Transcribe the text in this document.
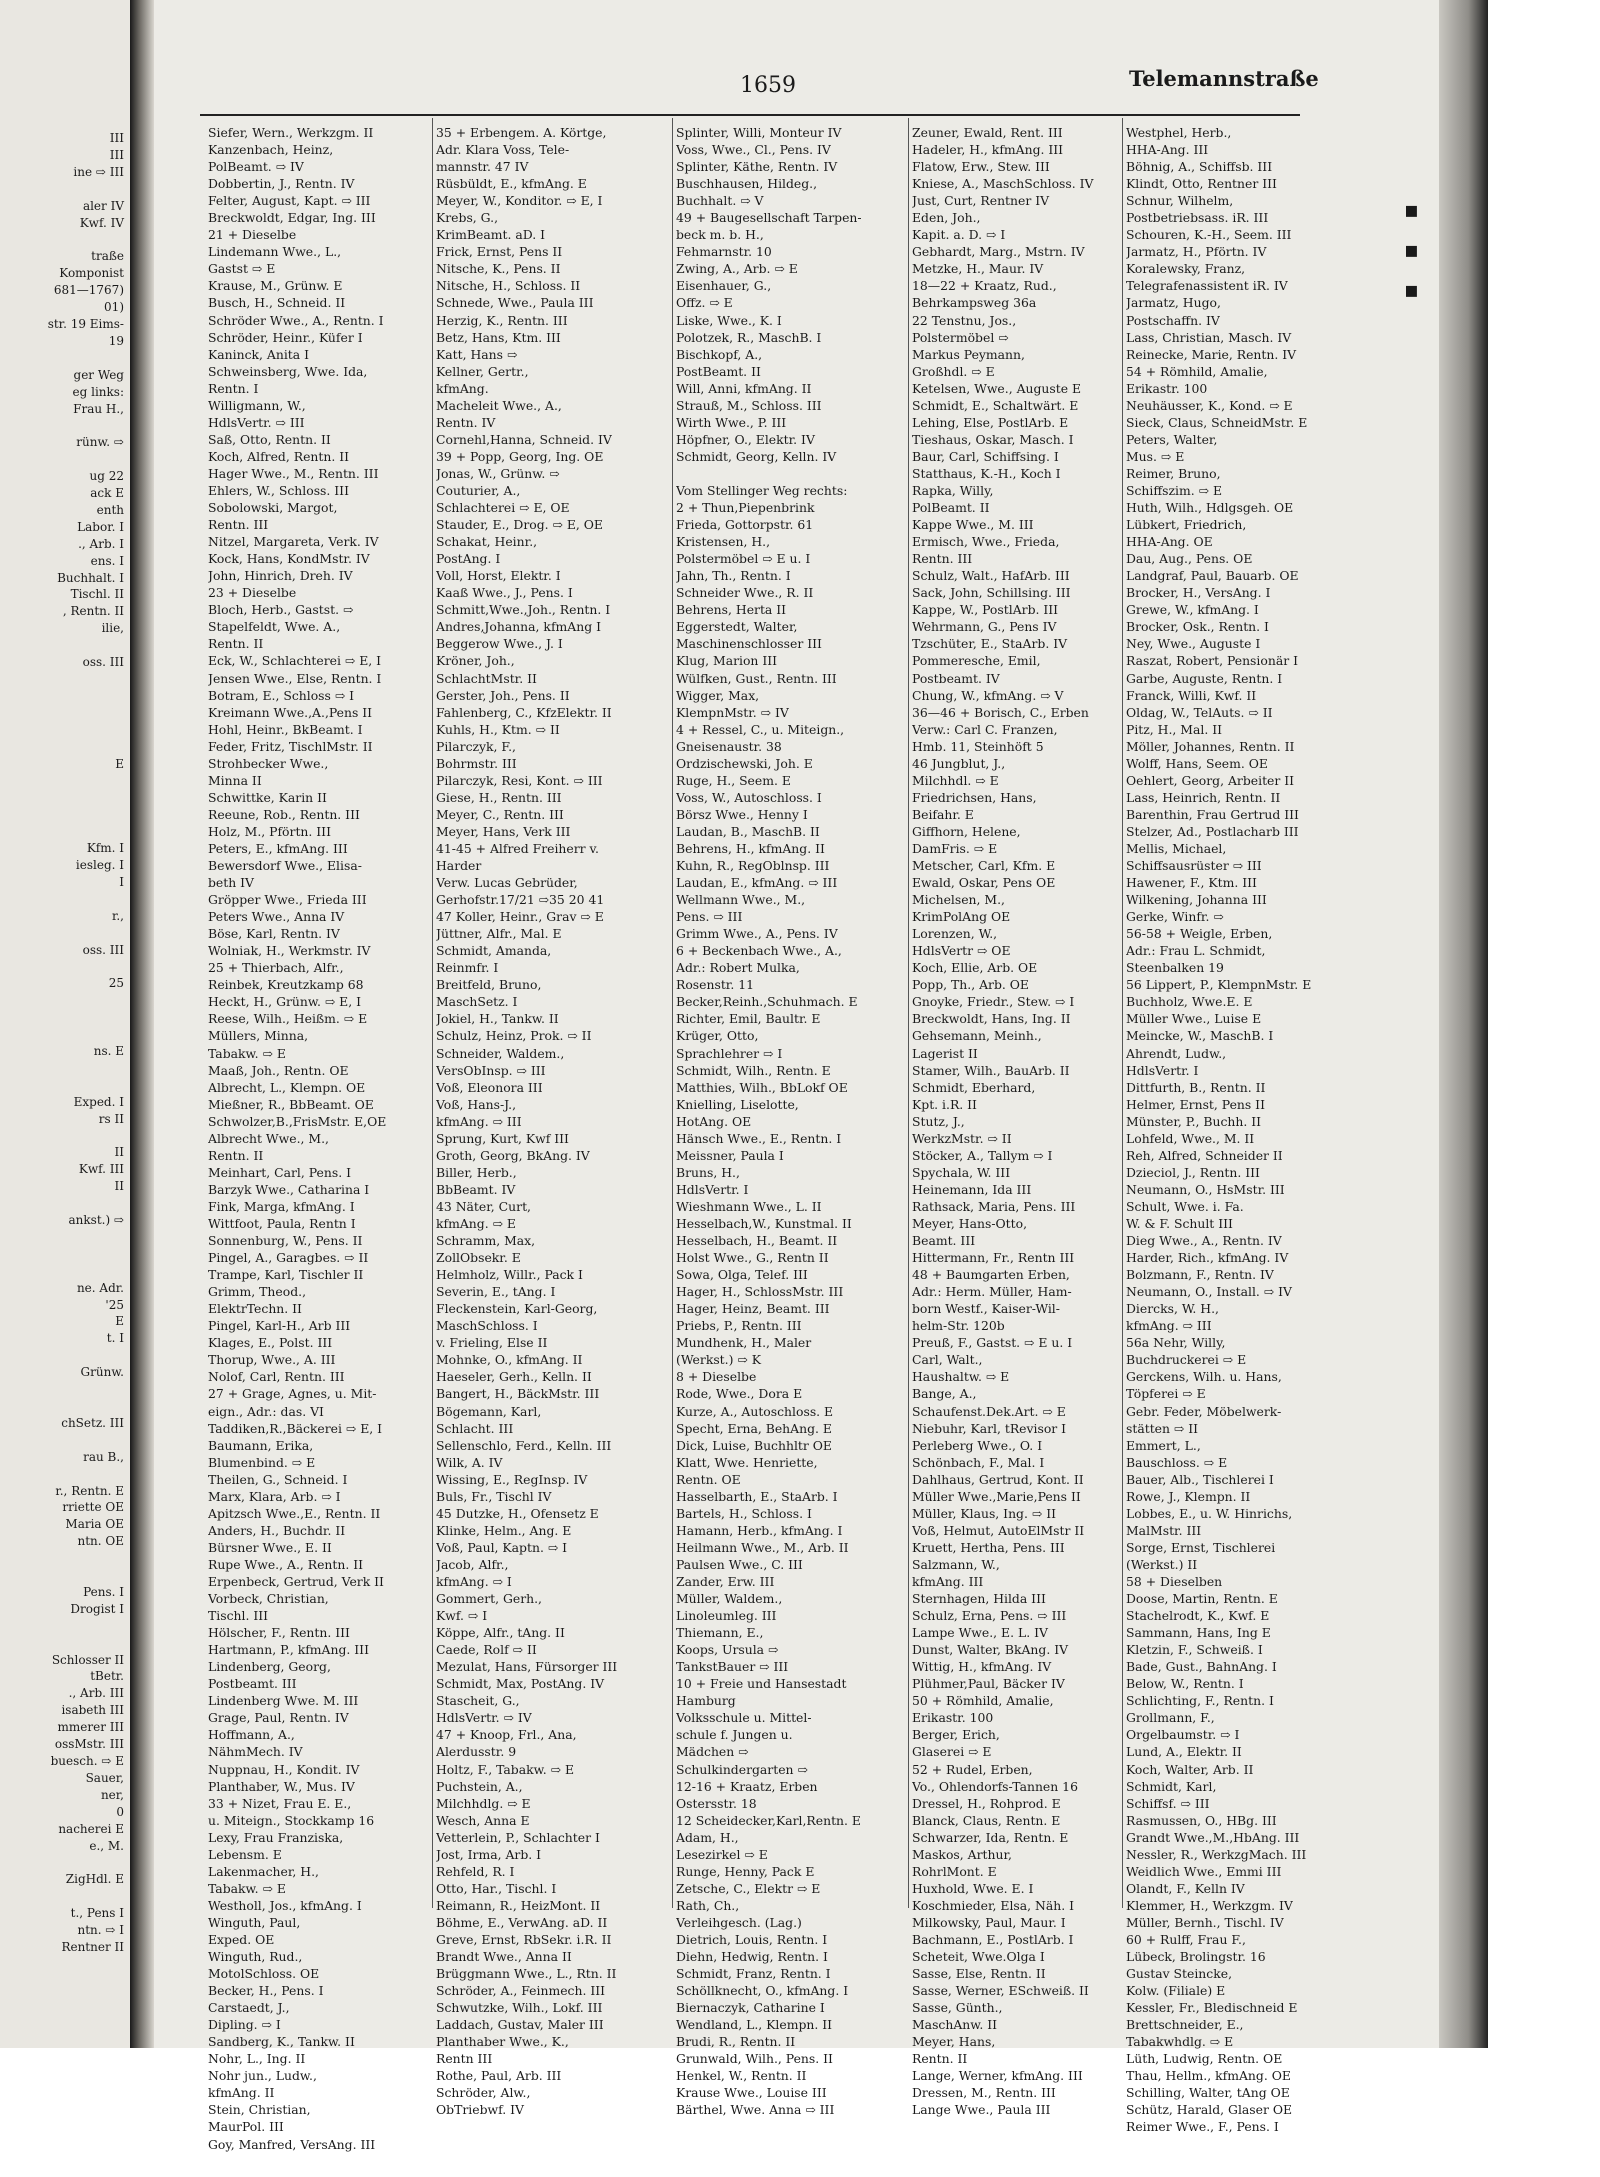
III
III
ine ⇨ III

aler IV
Kwf. IV

traße
Komponist
681—1767)
01)
str. 19 Eims-
19

ger Weg
eg links:
Frau H.,

rünw. ⇨

ug 22
ack E
enth
Labor. I
., Arb. I
ens. I
Buchhalt. I
Tischl. II
, Rentn. II
ilie,

oss. III

E

Kfm. I
iesleg. I
I

r.,

oss. III

25

ns. E

Exped. I
rs II

II
Kwf. III
II

ankst.) ⇨

ne. Adr.
'25
E
t. I

Grünw.

chSetz. III

rau B.,

r., Rentn. E
rriette OE
Maria OE
ntn. OE

Pens. I
Drogist I

Schlosser II
tBetr.
., Arb. III
isabeth III
mmerer III
ossMstr. III
buesch. ⇨ E
Sauer,
ner,
0
nacherei E
e., M.

ZigHdl. E

t., Pens I
ntn. ⇨ I
Rentner II
1659	Telemannstraße
Siefer, Wern., Werkzgm. II
Kanzenbach, Heinz,
PolBeamt. ⇨ IV
Dobbertin, J., Rentn. IV
Felter, August, Kapt. ⇨ III
Breckwoldt, Edgar, Ing. III
21 + Dieselbe
Lindemann Wwe., L.,
Gastst ⇨ E
Krause, M., Grünw. E
Busch, H., Schneid. II
Schröder Wwe., A., Rentn. I
Schröder, Heinr., Küfer I
Kaninck, Anita I
Schweinsberg, Wwe. Ida,
Rentn. I
Willigmann, W.,
HdlsVertr. ⇨ III
Saß, Otto, Rentn. II
Koch, Alfred, Rentn. II
Hager Wwe., M., Rentn. III
Ehlers, W., Schloss. III
Sobolowski, Margot,
Rentn. III
Nitzel, Margareta, Verk. IV
Kock, Hans, KondMstr. IV
John, Hinrich, Dreh. IV
23 + Dieselbe
Bloch, Herb., Gastst. ⇨
Stapelfeldt, Wwe. A.,
Rentn. II
Eck, W., Schlachterei ⇨ E, I
Jensen Wwe., Else, Rentn. I
Botram, E., Schloss ⇨ I
Kreimann Wwe.,A.,Pens II
Hohl, Heinr., BkBeamt. I
Feder, Fritz, TischlMstr. II
Strohbecker Wwe.,
Minna II
Schwittke, Karin II
Reeune, Rob., Rentn. III
Holz, M., Pförtn. III
Peters, E., kfmAng. III
Bewersdorf Wwe., Elisa-
beth IV
Gröpper Wwe., Frieda III
Peters Wwe., Anna IV
Böse, Karl, Rentn. IV
Wolniak, H., Werkmstr. IV
25 + Thierbach, Alfr.,
Reinbek, Kreutzkamp 68
Heckt, H., Grünw. ⇨ E, I
Reese, Wilh., Heißm. ⇨ E
Müllers, Minna,
Tabakw. ⇨ E
Maaß, Joh., Rentn. OE
Albrecht, L., Klempn. OE
Mießner, R., BbBeamt. OE
Schwolzer,B.,FrisMstr. E,OE
Albrecht Wwe., M.,
Rentn. II
Meinhart, Carl, Pens. I
Barzyk Wwe., Catharina I
Fink, Marga, kfmAng. I
Wittfoot, Paula, Rentn I
Sonnenburg, W., Pens. II
Pingel, A., Garagbes. ⇨ II
Trampe, Karl, Tischler II
Grimm, Theod.,
ElektrTechn. II
Pingel, Karl-H., Arb III
Klages, E., Polst. III
Thorup, Wwe., A. III
Nolof, Carl, Rentn. III
27 + Grage, Agnes, u. Mit-
eign., Adr.: das. VI
Taddiken,R.,Bäckerei ⇨ E, I
Baumann, Erika,
Blumenbind. ⇨ E
Theilen, G., Schneid. I
Marx, Klara, Arb. ⇨ I
Apitzsch Wwe.,E., Rentn. II
Anders, H., Buchdr. II
Bürsner Wwe., E. II
Rupe Wwe., A., Rentn. II
Erpenbeck, Gertrud, Verk II
Vorbeck, Christian,
Tischl. III
Hölscher, F., Rentn. III
Hartmann, P., kfmAng. III
Lindenberg, Georg,
Postbeamt. III
Lindenberg Wwe. M. III
Grage, Paul, Rentn. IV
Hoffmann, A.,
NähmMech. IV
Nuppnau, H., Kondit. IV
Planthaber, W., Mus. IV
33 + Nizet, Frau E. E.,
u. Miteign., Stockkamp 16
Lexy, Frau Franziska,
Lebensm. E
Lakenmacher, H.,
Tabakw. ⇨ E
Westholl, Jos., kfmAng. I
Winguth, Paul,
Exped. OE
Winguth, Rud.,
MotolSchloss. OE
Becker, H., Pens. I
Carstaedt, J.,
Dipling. ⇨ I
Sandberg, K., Tankw. II
Nohr, L., Ing. II
Nohr jun., Ludw.,
kfmAng. II
Stein, Christian,
MaurPol. III
Goy, Manfred, VersAng. III
35 + Erbengem. A. Körtge,
Adr. Klara Voss, Tele-
mannstr. 47 IV
Rüsbüldt, E., kfmAng. E
Meyer, W., Konditor. ⇨ E, I
Krebs, G.,
KrimBeamt. aD. I
Frick, Ernst, Pens II
Nitsche, K., Pens. II
Nitsche, H., Schloss. II
Schnede, Wwe., Paula III
Herzig, K., Rentn. III
Betz, Hans, Ktm. III
Katt, Hans ⇨
Kellner, Gertr.,
kfmAng.
Macheleit Wwe., A.,
Rentn. IV
Cornehl,Hanna, Schneid. IV
39 + Popp, Georg, Ing. OE
Jonas, W., Grünw. ⇨
Couturier, A.,
Schlachterei ⇨ E, OE
Stauder, E., Drog. ⇨ E, OE
Schakat, Heinr.,
PostAng. I
Voll, Horst, Elektr. I
Kaaß Wwe., J., Pens. I
Schmitt,Wwe.,Joh., Rentn. I
Andres,Johanna, kfmAng I
Beggerow Wwe., J. I
Kröner, Joh.,
SchlachtMstr. II
Gerster, Joh., Pens. II
Fahlenberg, C., KfzElektr. II
Kuhls, H., Ktm. ⇨ II
Pilarczyk, F.,
Bohrmstr. III
Pilarczyk, Resi, Kont. ⇨ III
Giese, H., Rentn. III
Meyer, C., Rentn. III
Meyer, Hans, Verk III
41-45 + Alfred Freiherr v.
Harder
Verw. Lucas Gebrüder,
Gerhofstr.17/21 ⇨35 20 41
47 Koller, Heinr., Grav ⇨ E
Jüttner, Alfr., Mal. E
Schmidt, Amanda,
Reinmfr. I
Breitfeld, Bruno,
MaschSetz. I
Jokiel, H., Tankw. II
Schulz, Heinz, Prok. ⇨ II
Schneider, Waldem.,
VersObInsp. ⇨ III
Voß, Eleonora III
Voß, Hans-J.,
kfmAng. ⇨ III
Sprung, Kurt, Kwf III
Groth, Georg, BkAng. IV
Biller, Herb.,
BbBeamt. IV
43 Näter, Curt,
kfmAng. ⇨ E
Schramm, Max,
ZollObsekr. E
Helmholz, Willr., Pack I
Severin, E., tAng. I
Fleckenstein, Karl-Georg,
MaschSchloss. I
v. Frieling, Else II
Mohnke, O., kfmAng. II
Haeseler, Gerh., Kelln. II
Bangert, H., BäckMstr. III
Bögemann, Karl,
Schlacht. III
Sellenschlo, Ferd., Kelln. III
Wilk, A. IV
Wissing, E., RegInsp. IV
Buls, Fr., Tischl IV
45 Dutzke, H., Ofensetz E
Klinke, Helm., Ang. E
Voß, Paul, Kaptn. ⇨ I
Jacob, Alfr.,
kfmAng. ⇨ I
Gommert, Gerh.,
Kwf. ⇨ I
Köppe, Alfr., tAng. II
Caede, Rolf ⇨ II
Mezulat, Hans, Fürsorger III
Schmidt, Max, PostAng. IV
Stascheit, G.,
HdlsVertr. ⇨ IV
47 + Knoop, Frl., Ana,
Alerdusstr. 9
Holtz, F., Tabakw. ⇨ E
Puchstein, A.,
Milchhdlg. ⇨ E
Wesch, Anna E
Vetterlein, P., Schlachter I
Jost, Irma, Arb. I
Rehfeld, R. I
Otto, Har., Tischl. I
Reimann, R., HeizMont. II
Böhme, E., VerwAng. aD. II
Greve, Ernst, RbSekr. i.R. II
Brandt Wwe., Anna II
Brüggmann Wwe., L., Rtn. II
Schröder, A., Feinmech. III
Schwutzke, Wilh., Lokf. III
Laddach, Gustav, Maler III
Planthaber Wwe., K.,
Rentn III
Rothe, Paul, Arb. III
Schröder, Alw.,
ObTriebwf. IV
Splinter, Willi, Monteur IV
Voss, Wwe., Cl., Pens. IV
Splinter, Käthe, Rentn. IV
Buschhausen, Hildeg.,
Buchhalt. ⇨ V
49 + Baugesellschaft Tarpen-
beck m. b. H.,
Fehmarnstr. 10
Zwing, A., Arb. ⇨ E
Eisenhauer, G.,
Offz. ⇨ E
Liske, Wwe., K. I
Polotzek, R., MaschB. I
Bischkopf, A.,
PostBeamt. II
Will, Anni, kfmAng. II
Strauß, M., Schloss. III
Wirth Wwe., P. III
Höpfner, O., Elektr. IV
Schmidt, Georg, Kelln. IV

Vom Stellinger Weg rechts:
2 + Thun,Piepenbrink
Frieda, Gottorpstr. 61
Kristensen, H.,
Polstermöbel ⇨ E u. I
Jahn, Th., Rentn. I
Schneider Wwe., R. II
Behrens, Herta II
Eggerstedt, Walter,
Maschinenschlosser III
Klug, Marion III
Wülfken, Gust., Rentn. III
Wigger, Max,
KlempnMstr. ⇨ IV
4 + Ressel, C., u. Miteign.,
Gneisenaustr. 38
Ordzischewski, Joh. E
Ruge, H., Seem. E
Voss, W., Autoschloss. I
Börsz Wwe., Henny I
Laudan, B., MaschB. II
Behrens, H., kfmAng. II
Kuhn, R., RegOblnsp. III
Laudan, E., kfmAng. ⇨ III
Wellmann Wwe., M.,
Pens. ⇨ III
Grimm Wwe., A., Pens. IV
6 + Beckenbach Wwe., A.,
Adr.: Robert Mulka,
Rosenstr. 11
Becker,Reinh.,Schuhmach. E
Richter, Emil, Baultr. E
Krüger, Otto,
Sprachlehrer ⇨ I
Schmidt, Wilh., Rentn. E
Matthies, Wilh., BbLokf OE
Knielling, Liselotte,
HotAng. OE
Hänsch Wwe., E., Rentn. I
Meissner, Paula I
Bruns, H.,
HdlsVertr. I
Wieshmann Wwe., L. II
Hesselbach,W., Kunstmal. II
Hesselbach, H., Beamt. II
Holst Wwe., G., Rentn II
Sowa, Olga, Telef. III
Hager, H., SchlossMstr. III
Hager, Heinz, Beamt. III
Priebs, P., Rentn. III
Mundhenk, H., Maler
(Werkst.) ⇨ K
8 + Dieselbe
Rode, Wwe., Dora E
Kurze, A., Autoschloss. E
Specht, Erna, BehAng. E
Dick, Luise, Buchhltr OE
Klatt, Wwe. Henriette,
Rentn. OE
Hasselbarth, E., StaArb. I
Bartels, H., Schloss. I
Hamann, Herb., kfmAng. I
Heilmann Wwe., M., Arb. II
Paulsen Wwe., C. III
Zander, Erw. III
Müller, Waldem.,
Linoleumleg. III
Thiemann, E.,
Koops, Ursula ⇨
TankstBauer ⇨ III
10 + Freie und Hansestadt
Hamburg
Volksschule u. Mittel-
schule f. Jungen u.
Mädchen ⇨
Schulkindergarten ⇨
12-16 + Kraatz, Erben
Ostersstr. 18
12 Scheidecker,Karl,Rentn. E
Adam, H.,
Lesezirkel ⇨ E
Runge, Henny, Pack E
Zetsche, C., Elektr ⇨ E
Rath, Ch.,
Verleihgesch. (Lag.)
Dietrich, Louis, Rentn. I
Diehn, Hedwig, Rentn. I
Schmidt, Franz, Rentn. I
Schöllknecht, O., kfmAng. I
Biernaczyk, Catharine I
Wendland, L., Klempn. II
Brudi, R., Rentn. II
Grunwald, Wilh., Pens. II
Henkel, W., Rentn. II
Krause Wwe., Louise III
Bärthel, Wwe. Anna ⇨ III
Zeuner, Ewald, Rent. III
Hadeler, H., kfmAng. III
Flatow, Erw., Stew. III
Kniese, A., MaschSchloss. IV
Just, Curt, Rentner IV
Eden, Joh.,
Kapit. a. D. ⇨ I
Gebhardt, Marg., Mstrn. IV
Metzke, H., Maur. IV
18—22 + Kraatz, Rud.,
Behrkampsweg 36a
22 Tenstnu, Jos.,
Polstermöbel ⇨
Markus Peymann,
Großhdl. ⇨ E
Ketelsen, Wwe., Auguste E
Schmidt, E., Schaltwärt. E
Lehing, Else, PostlArb. E
Tieshaus, Oskar, Masch. I
Baur, Carl, Schiffsing. I
Statthaus, K.-H., Koch I
Rapka, Willy,
PolBeamt. II
Kappe Wwe., M. III
Ermisch, Wwe., Frieda,
Rentn. III
Schulz, Walt., HafArb. III
Sack, John, Schillsing. III
Kappe, W., PostlArb. III
Wehrmann, G., Pens IV
Tzschüter, E., StaArb. IV
Pommeresche, Emil,
Postbeamt. IV
Chung, W., kfmAng. ⇨ V
36—46 + Borisch, C., Erben
Verw.: Carl C. Franzen,
Hmb. 11, Steinhöft 5
46 Jungblut, J.,
Milchhdl. ⇨ E
Friedrichsen, Hans,
Beifahr. E
Giffhorn, Helene,
DamFris. ⇨ E
Metscher, Carl, Kfm. E
Ewald, Oskar, Pens OE
Michelsen, M.,
KrimPolAng OE
Lorenzen, W.,
HdlsVertr ⇨ OE
Koch, Ellie, Arb. OE
Popp, Th., Arb. OE
Gnoyke, Friedr., Stew. ⇨ I
Breckwoldt, Hans, Ing. II
Gehsemann, Meinh.,
Lagerist II
Stamer, Wilh., BauArb. II
Schmidt, Eberhard,
Kpt. i.R. II
Stutz, J.,
WerkzMstr. ⇨ II
Stöcker, A., Tallym ⇨ I
Spychala, W. III
Heinemann, Ida III
Rathsack, Maria, Pens. III
Meyer, Hans-Otto,
Beamt. III
Hittermann, Fr., Rentn III
48 + Baumgarten Erben,
Adr.: Herm. Müller, Ham-
born Westf., Kaiser-Wil-
helm-Str. 120b
Preuß, F., Gastst. ⇨ E u. I
Carl, Walt.,
Haushaltw. ⇨ E
Bange, A.,
Schaufenst.Dek.Art. ⇨ E
Niebuhr, Karl, tRevisor I
Perleberg Wwe., O. I
Schönbach, F., Mal. I
Dahlhaus, Gertrud, Kont. II
Müller Wwe.,Marie,Pens II
Müller, Klaus, Ing. ⇨ II
Voß, Helmut, AutoElMstr II
Kruett, Hertha, Pens. III
Salzmann, W.,
kfmAng. III
Sternhagen, Hilda III
Schulz, Erna, Pens. ⇨ III
Lampe Wwe., E. L. IV
Dunst, Walter, BkAng. IV
Wittig, H., kfmAng. IV
Plühmer,Paul, Bäcker IV
50 + Römhild, Amalie,
Erikastr. 100
Berger, Erich,
Glaserei ⇨ E
52 + Rudel, Erben,
Vo., Ohlendorfs-Tannen 16
Dressel, H., Rohprod. E
Blanck, Claus, Rentn. E
Schwarzer, Ida, Rentn. E
Maskos, Arthur,
RohrlMont. E
Huxhold, Wwe. E. I
Koschmieder, Elsa, Näh. I
Milkowsky, Paul, Maur. I
Bachmann, E., PostlArb. I
Scheteit, Wwe.Olga I
Sasse, Else, Rentn. II
Sasse, Werner, ESchweiß. II
Sasse, Günth.,
MaschAnw. II
Meyer, Hans,
Rentn. II
Lange, Werner, kfmAng. III
Dressen, M., Rentn. III
Lange Wwe., Paula III
Westphel, Herb.,
HHA-Ang. III
Böhnig, A., Schiffsb. III
Klindt, Otto, Rentner III
Schnur, Wilhelm,
Postbetriebsass. iR. III
Schouren, K.-H., Seem. III
Jarmatz, H., Pförtn. IV
Koralewsky, Franz,
Telegrafenassistent iR. IV
Jarmatz, Hugo,
Postschaffn. IV
Lass, Christian, Masch. IV
Reinecke, Marie, Rentn. IV
54 + Römhild, Amalie,
Erikastr. 100
Neuhäusser, K., Kond. ⇨ E
Sieck, Claus, SchneidMstr. E
Peters, Walter,
Mus. ⇨ E
Reimer, Bruno,
Schiffszim. ⇨ E
Huth, Wilh., Hdlgsgeh. OE
Lübkert, Friedrich,
HHA-Ang. OE
Dau, Aug., Pens. OE
Landgraf, Paul, Bauarb. OE
Brocker, H., VersAng. I
Grewe, W., kfmAng. I
Brocker, Osk., Rentn. I
Ney, Wwe., Auguste I
Raszat, Robert, Pensionär I
Garbe, Auguste, Rentn. I
Franck, Willi, Kwf. II
Oldag, W., TelAuts. ⇨ II
Pitz, H., Mal. II
Möller, Johannes, Rentn. II
Wolff, Hans, Seem. OE
Oehlert, Georg, Arbeiter II
Lass, Heinrich, Rentn. II
Barenthin, Frau Gertrud III
Stelzer, Ad., Postlacharb III
Mellis, Michael,
Schiffsausrüster ⇨ III
Hawener, F., Ktm. III
Wilkening, Johanna III
Gerke, Winfr. ⇨
56-58 + Weigle, Erben,
Adr.: Frau L. Schmidt,
Steenbalken 19
56 Lippert, P., KlempnMstr. E
Buchholz, Wwe.E. E
Müller Wwe., Luise E
Meincke, W., MaschB. I
Ahrendt, Ludw.,
HdlsVertr. I
Dittfurth, B., Rentn. II
Helmer, Ernst, Pens II
Münster, P., Buchh. II
Lohfeld, Wwe., M. II
Reh, Alfred, Schneider II
Dzieciol, J., Rentn. III
Neumann, O., HsMstr. III
Schult, Wwe. i. Fa.
W. & F. Schult III
Dieg Wwe., A., Rentn. IV
Harder, Rich., kfmAng. IV
Bolzmann, F., Rentn. IV
Neumann, O., Install. ⇨ IV
Diercks, W. H.,
kfmAng. ⇨ III
56a Nehr, Willy,
Buchdruckerei ⇨ E
Gerckens, Wilh. u. Hans,
Töpferei ⇨ E
Gebr. Feder, Möbelwerk-
stätten ⇨ II
Emmert, L.,
Bauschloss. ⇨ E
Bauer, Alb., Tischlerei I
Rowe, J., Klempn. II
Lobbes, E., u. W. Hinrichs,
MalMstr. III
Sorge, Ernst, Tischlerei
(Werkst.) II
58 + Dieselben
Doose, Martin, Rentn. E
Stachelrodt, K., Kwf. E
Sammann, Hans, Ing E
Kletzin, F., Schweiß. I
Bade, Gust., BahnAng. I
Below, W., Rentn. I
Schlichting, F., Rentn. I
Grollmann, F.,
Orgelbaumstr. ⇨ I
Lund, A., Elektr. II
Koch, Walter, Arb. II
Schmidt, Karl,
Schiffsf. ⇨ III
Rasmussen, O., HBg. III
Grandt Wwe.,M.,HbAng. III
Nessler, R., WerkzgMach. III
Weidlich Wwe., Emmi III
Olandt, F., Kelln IV
Klemmer, H., Werkzgm. IV
Müller, Bernh., Tischl. IV
60 + Rulff, Frau F.,
Lübeck, Brolingstr. 16
Gustav Steincke,
Kolw. (Filiale) E
Kessler, Fr., Bledischneid E
Brettschneider, E.,
Tabakwhdlg. ⇨ E
Lüth, Ludwig, Rentn. OE
Thau, Hellm., kfmAng. OE
Schilling, Walter, tAng OE
Schütz, Harald, Glaser OE
Reimer Wwe., F., Pens. I
▪
▪
▪
